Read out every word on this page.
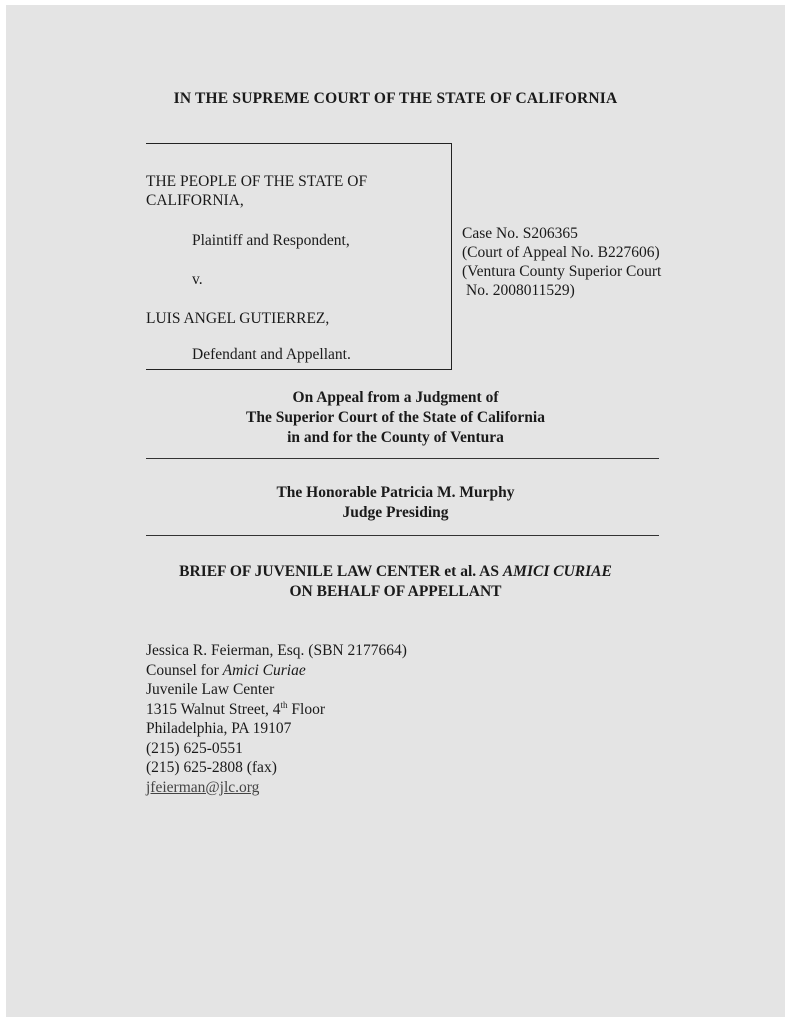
IN THE SUPREME COURT OF THE STATE OF CALIFORNIA
THE PEOPLE OF THE STATE OF
CALIFORNIA,
Plaintiff and Respondent,
v.
LUIS ANGEL GUTIERREZ,
Defendant and Appellant.
Case No. S206365
(Court of Appeal No. B227606)
(Ventura County Superior Court
No. 2008011529)
On Appeal from a Judgment of
The Superior Court of the State of California
in and for the County of Ventura
The Honorable Patricia M. Murphy
Judge Presiding
BRIEF OF JUVENILE LAW CENTER et al. AS AMICI CURIAE
ON BEHALF OF APPELLANT
Jessica R. Feierman, Esq. (SBN 2177664)
Counsel for Amici Curiae
Juvenile Law Center
1315 Walnut Street, 4th Floor
Philadelphia, PA 19107
(215) 625-0551
(215) 625-2808 (fax)
jfeierman@jlc.org
